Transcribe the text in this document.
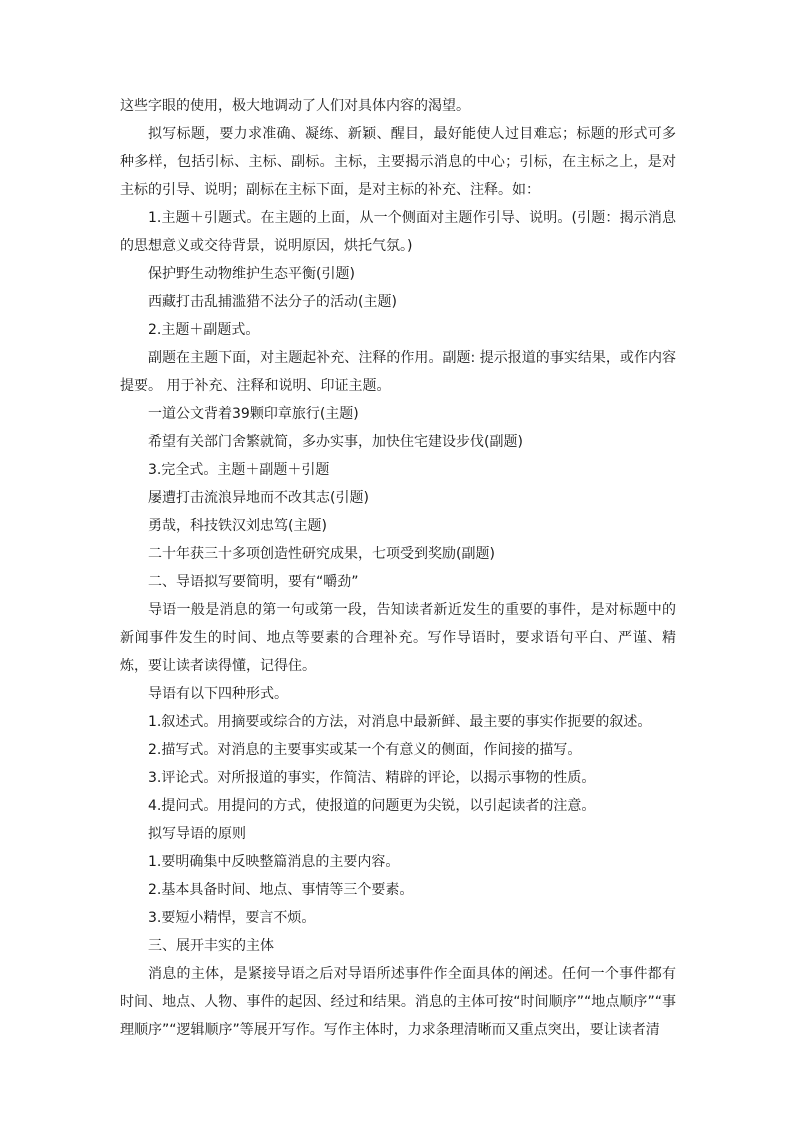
这些字眼的使用，极大地调动了人们对具体内容的渴望。

拟写标题，要力求准确、凝练、新颖、醒目，最好能使人过目难忘；标题的形式可多种多样，包括引标、主标、副标。主标，主要揭示消息的中心；引标，在主标之上，是对主标的引导、说明；副标在主标下面，是对主标的补充、注释。如：

1.主题＋引题式。在主题的上面，从一个侧面对主题作引导、说明。(引题：揭示消息的思想意义或交待背景，说明原因，烘托气氛。)

保护野生动物维护生态平衡(引题)

西藏打击乱捕滥猎不法分子的活动(主题)

2.主题＋副题式。

副题在主题下面，对主题起补充、注释的作用。副题: 提示报道的事实结果，或作内容提要。 用于补充、注释和说明、印证主题。

一道公文背着39颗印章旅行(主题)

希望有关部门舍繁就简，多办实事，加快住宅建设步伐(副题)

3.完全式。主题＋副题＋引题

屡遭打击流浪异地而不改其志(引题)

勇哉，科技铁汉刘忠笃(主题)

二十年获三十多项创造性研究成果，七项受到奖励(副题)

二、导语拟写要简明，要有“嚼劲”

导语一般是消息的第一句或第一段，告知读者新近发生的重要的事件，是对标题中的新闻事件发生的时间、地点等要素的合理补充。写作导语时，要求语句平白、严谨、精炼，要让读者读得懂，记得住。

导语有以下四种形式。

1.叙述式。用摘要或综合的方法，对消息中最新鲜、最主要的事实作扼要的叙述。

2.描写式。对消息的主要事实或某一个有意义的侧面，作间接的描写。

3.评论式。对所报道的事实，作简洁、精辟的评论，以揭示事物的性质。

4.提问式。用提问的方式，使报道的问题更为尖锐，以引起读者的注意。

拟写导语的原则

1.要明确集中反映整篇消息的主要内容。

2.基本具备时间、地点、事情等三个要素。

3.要短小精悍，要言不烦。

三、展开丰实的主体

消息的主体，是紧接导语之后对导语所述事件作全面具体的阐述。任何一个事件都有时间、地点、人物、事件的起因、经过和结果。消息的主体可按“时间顺序”“地点顺序”“事理顺序”“逻辑顺序”等展开写作。写作主体时，力求条理清晰而又重点突出，要让读者清
